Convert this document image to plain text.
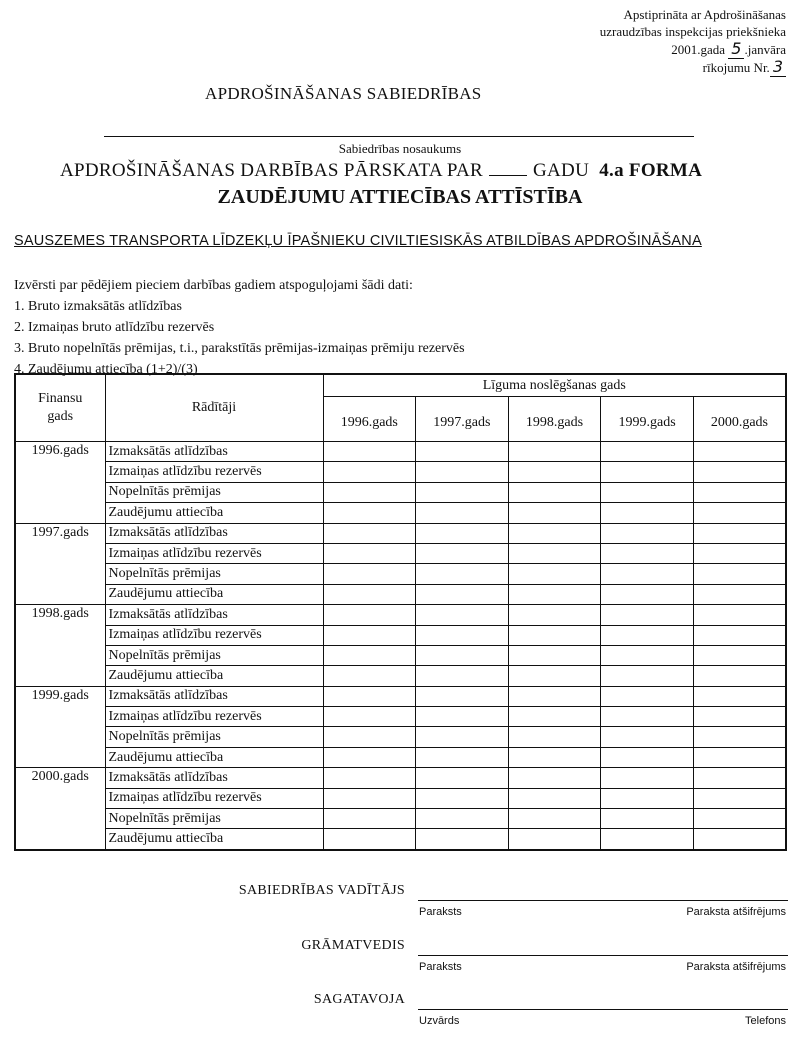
Apstiprināta ar Apdrošināšanas
uzraudzības inspekcijas priekšnieka
2001.gada 5 .janvāra
rīkojumu Nr. 3
APDROŠINĀŠANAS SABIEDRĪBAS
Sabiedrības nosaukums
APDROŠINĀŠANAS DARBĪBAS PĀRSKATA PAR	GADU 4.a FORMA
ZAUDĒJUMU ATTIECĪBAS ATTĪSTĪBA
SAUSZEMES TRANSPORTA LĪDZEKĻU ĪPAŠNIEKU CIVILTIESISKĀS ATBILDĪBAS APDROŠINĀŠANA
Izvērsti par pēdējiem pieciem darbības gadiem atspoguļojami šādi dati:
1. Bruto izmaksātās atlīdzības
2. Izmaiņas bruto atlīdzību rezervēs
3. Bruto nopelnītās prēmijas, t.i., parakstītās prēmijas-izmaiņas prēmiju rezervēs
4. Zaudējumu attiecība (1+2)/(3)
Finansu
gads	Rādītāji	Līguma noslēgšanas gads				
		1996.gads	1997.gads	1998.gads	1999.gads	2000.gads
1996.gads	Izmaksātās atlīdzības					
	Izmaiņas atlīdzību rezervēs					
	Nopelnītās prēmijas					
	Zaudējumu attiecība					
1997.gads	Izmaksātās atlīdzības					
	Izmaiņas atlīdzību rezervēs					
	Nopelnītās prēmijas					
	Zaudējumu attiecība					
1998.gads	Izmaksātās atlīdzības					
	Izmaiņas atlīdzību rezervēs					
	Nopelnītās prēmijas					
	Zaudējumu attiecība					
1999.gads	Izmaksātās atlīdzības					
	Izmaiņas atlīdzību rezervēs					
	Nopelnītās prēmijas					
	Zaudējumu attiecība					
2000.gads	Izmaksātās atlīdzības					
	Izmaiņas atlīdzību rezervēs					
	Nopelnītās prēmijas					
	Zaudējumu attiecība					
SABIEDRĪBAS VADĪTĀJS
Paraksts	Paraksta atšifrējums
GRĀMATVEDIS
Paraksts	Paraksta atšifrējums
SAGATAVOJA
Uzvārds	Telefons
